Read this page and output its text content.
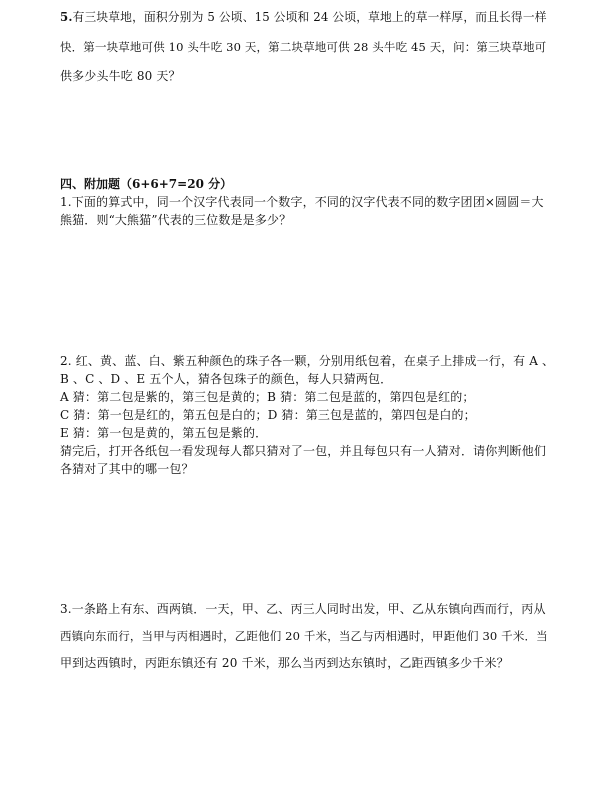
5.有三块草地，面积分别为 5 公顷、15 公顷和 24 公顷，草地上的草一样厚，而且长得一样
快．第一块草地可供 10 头牛吃 30 天，第二块草地可供 28 头牛吃 45 天，问：第三块草地可
供多少头牛吃 80 天？
四、附加题（6+6+7=20 分）
1.下面的算式中，同一个汉字代表同一个数字，不同的汉字代表不同的数字团团×圆圆＝大
熊猫．则“大熊猫”代表的三位数是是多少？
2. 红、黄、蓝、白、紫五种颜色的珠子各一颗，分别用纸包着，在桌子上排成一行，有 A 、
B 、C 、D 、E 五个人，猜各包珠子的颜色，每人只猜两包．
A 猜：第二包是紫的，第三包是黄的；B 猜：第二包是蓝的，第四包是红的；
C 猜：第一包是红的，第五包是白的；D 猜：第三包是蓝的，第四包是白的；
E 猜：第一包是黄的，第五包是紫的．
猜完后，打开各纸包一看发现每人都只猜对了一包，并且每包只有一人猜对．请你判断他们
各猜对了其中的哪一包？
3.一条路上有东、西两镇．一天，甲、乙、丙三人同时出发，甲、乙从东镇向西而行，丙从
西镇向东而行，当甲与丙相遇时，乙距他们 20 千米，当乙与丙相遇时，甲距他们 30 千米．当
甲到达西镇时，丙距东镇还有 20 千米，那么当丙到达东镇时，乙距西镇多少千米？
